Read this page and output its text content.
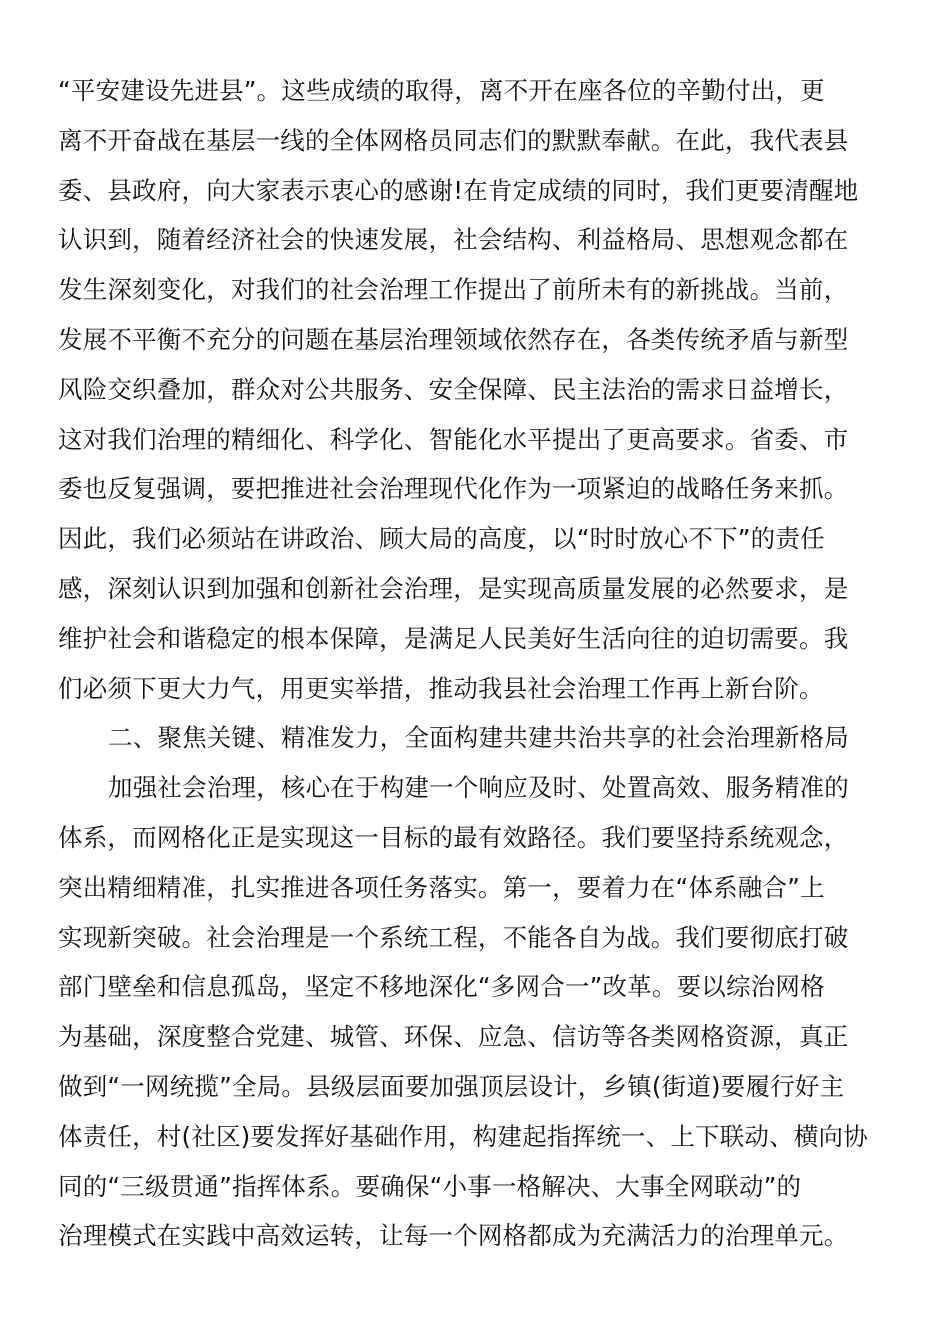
“平安建设先进县”。这些成绩的取得，离不开在座各位的辛勤付出，更
离不开奋战在基层一线的全体网格员同志们的默默奉献。在此，我代表县
委、县政府，向大家表示衷心的感谢!在肯定成绩的同时，我们更要清醒地
认识到，随着经济社会的快速发展，社会结构、利益格局、思想观念都在
发生深刻变化，对我们的社会治理工作提出了前所未有的新挑战。当前，
发展不平衡不充分的问题在基层治理领域依然存在，各类传统矛盾与新型
风险交织叠加，群众对公共服务、安全保障、民主法治的需求日益增长，
这对我们治理的精细化、科学化、智能化水平提出了更高要求。省委、市
委也反复强调，要把推进社会治理现代化作为一项紧迫的战略任务来抓。
因此，我们必须站在讲政治、顾大局的高度，以“时时放心不下”的责任
感，深刻认识到加强和创新社会治理，是实现高质量发展的必然要求，是
维护社会和谐稳定的根本保障，是满足人民美好生活向往的迫切需要。我
们必须下更大力气，用更实举措，推动我县社会治理工作再上新台阶。
二、聚焦关键、精准发力，全面构建共建共治共享的社会治理新格局
加强社会治理，核心在于构建一个响应及时、处置高效、服务精准的
体系，而网格化正是实现这一目标的最有效路径。我们要坚持系统观念，
突出精细精准，扎实推进各项任务落实。第一，要着力在“体系融合”上
实现新突破。社会治理是一个系统工程，不能各自为战。我们要彻底打破
部门壁垒和信息孤岛，坚定不移地深化“多网合一”改革。要以综治网格
为基础，深度整合党建、城管、环保、应急、信访等各类网格资源，真正
做到“一网统揽”全局。县级层面要加强顶层设计，乡镇(街道)要履行好主
体责任，村(社区)要发挥好基础作用，构建起指挥统一、上下联动、横向协
同的“三级贯通”指挥体系。要确保“小事一格解决、大事全网联动”的
治理模式在实践中高效运转，让每一个网格都成为充满活力的治理单元。
